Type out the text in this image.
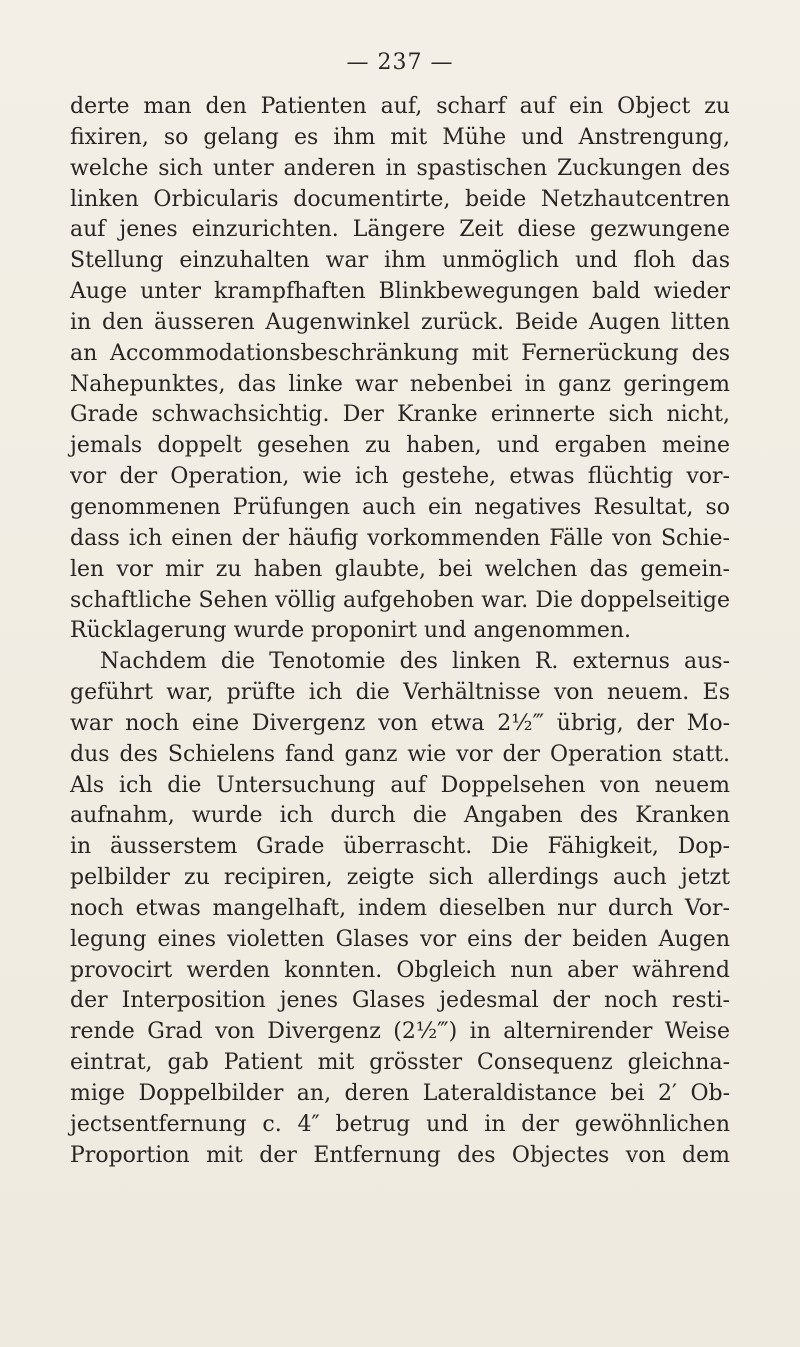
— 237 —
derte man den Patienten auf, scharf auf ein Object zu
fixiren, so gelang es ihm mit Mühe und Anstrengung,
welche sich unter anderen in spastischen Zuckungen des
linken Orbicularis documentirte, beide Netzhautcentren
auf jenes einzurichten. Längere Zeit diese gezwungene
Stellung einzuhalten war ihm unmöglich und floh das
Auge unter krampfhaften Blinkbewegungen bald wieder
in den äusseren Augenwinkel zurück. Beide Augen litten
an Accommodationsbeschränkung mit Fernerückung des
Nahepunktes, das linke war nebenbei in ganz geringem
Grade schwachsichtig. Der Kranke erinnerte sich nicht,
jemals doppelt gesehen zu haben, und ergaben meine
vor der Operation, wie ich gestehe, etwas flüchtig vor-
genommenen Prüfungen auch ein negatives Resultat, so
dass ich einen der häufig vorkommenden Fälle von Schie-
len vor mir zu haben glaubte, bei welchen das gemein-
schaftliche Sehen völlig aufgehoben war. Die doppelseitige
Rücklagerung wurde proponirt und angenommen.
Nachdem die Tenotomie des linken R. externus aus-
geführt war, prüfte ich die Verhältnisse von neuem. Es
war noch eine Divergenz von etwa 2½‴ übrig, der Mo-
dus des Schielens fand ganz wie vor der Operation statt.
Als ich die Untersuchung auf Doppelsehen von neuem
aufnahm, wurde ich durch die Angaben des Kranken
in äusserstem Grade überrascht. Die Fähigkeit, Dop-
pelbilder zu recipiren, zeigte sich allerdings auch jetzt
noch etwas mangelhaft, indem dieselben nur durch Vor-
legung eines violetten Glases vor eins der beiden Augen
provocirt werden konnten. Obgleich nun aber während
der Interposition jenes Glases jedesmal der noch resti-
rende Grad von Divergenz (2½‴) in alternirender Weise
eintrat, gab Patient mit grösster Consequenz gleichna-
mige Doppelbilder an, deren Lateraldistance bei 2′ Ob-
jectsentfernung c. 4″ betrug und in der gewöhnlichen
Proportion mit der Entfernung des Objectes von dem
